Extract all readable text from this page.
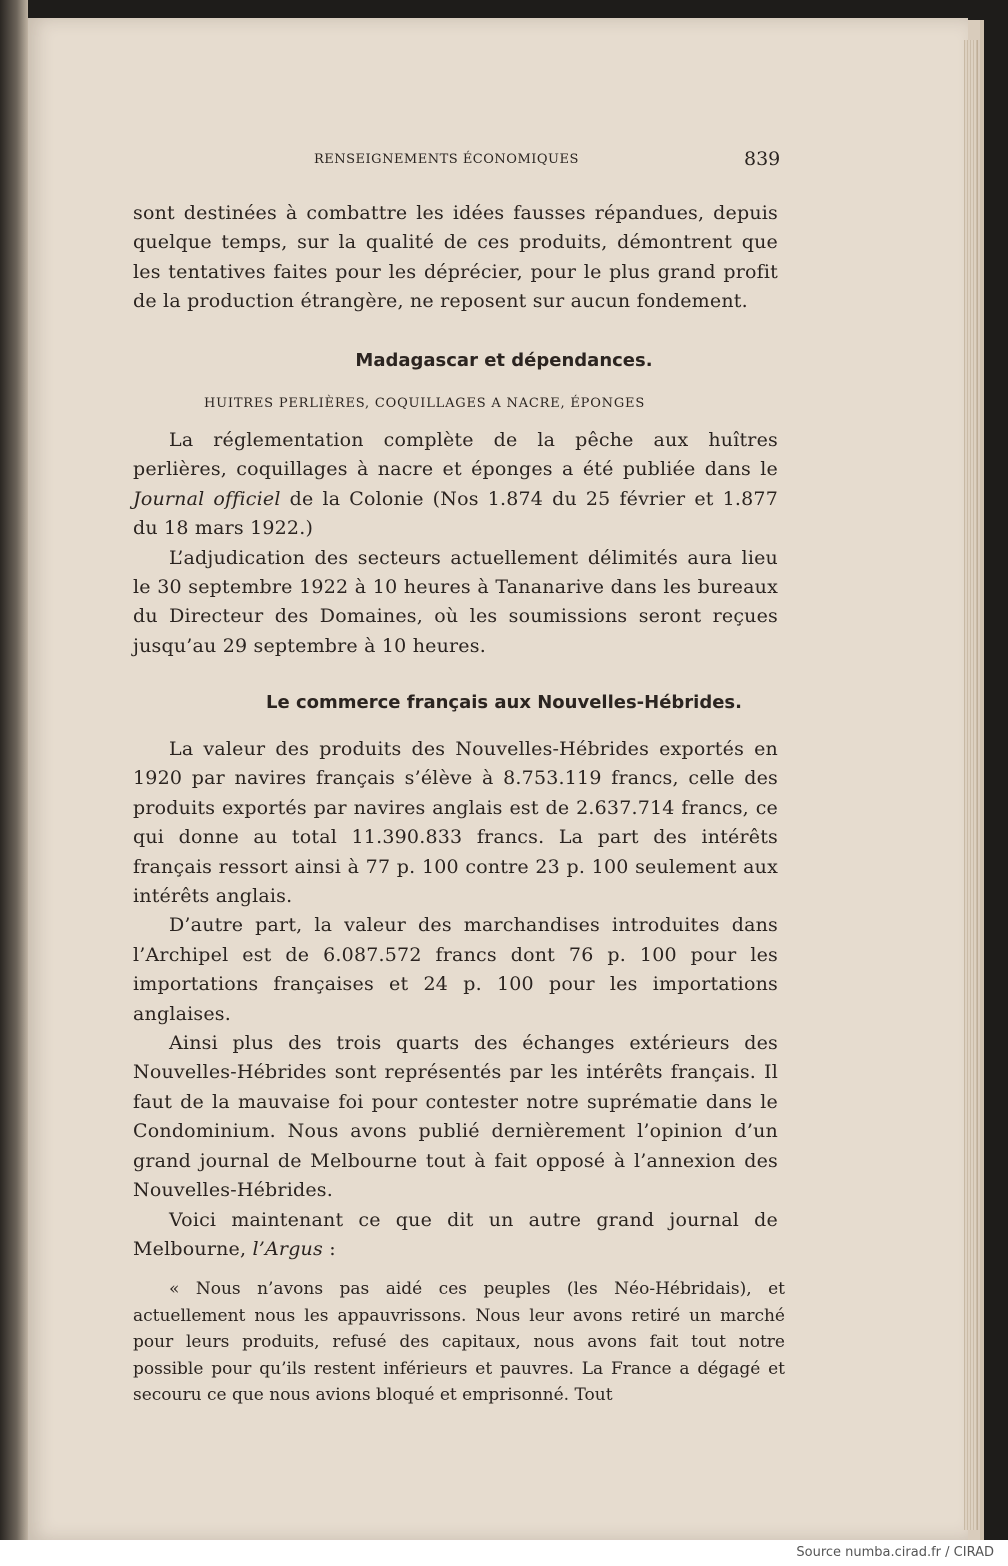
RENSEIGNEMENTS ÉCONOMIQUES	839

sont destinées à combattre les idées fausses répandues, depuis quelque temps, sur la qualité de ces produits, démontrent que les tentatives faites pour les déprécier, pour le plus grand profit de la production étrangère, ne reposent sur aucun fondement.

Madagascar et dépendances.
HUITRES PERLIÈRES, COQUILLAGES A NACRE, ÉPONGES

La réglementation complète de la pêche aux huîtres perlières, coquillages à nacre et éponges a été publiée dans le Journal officiel de la Colonie (Nos 1.874 du 25 février et 1.877 du 18 mars 1922.)

L’adjudication des secteurs actuellement délimités aura lieu le 30 septembre 1922 à 10 heures à Tananarive dans les bureaux du Directeur des Domaines, où les soumissions seront reçues jusqu’au 29 septembre à 10 heures.

Le commerce français aux Nouvelles-Hébrides.

La valeur des produits des Nouvelles-Hébrides exportés en 1920 par navires français s’élève à 8.753.119 francs, celle des produits exportés par navires anglais est de 2.637.714 francs, ce qui donne au total 11.390.833 francs. La part des intérêts français ressort ainsi à 77 p. 100 contre 23 p. 100 seulement aux intérêts anglais.

D’autre part, la valeur des marchandises introduites dans l’Archipel est de 6.087.572 francs dont 76 p. 100 pour les importations françaises et 24 p. 100 pour les importations anglaises.

Ainsi plus des trois quarts des échanges extérieurs des Nouvelles-Hébrides sont représentés par les intérêts français. Il faut de la mauvaise foi pour contester notre suprématie dans le Condominium. Nous avons publié dernièrement l’opinion d’un grand journal de Melbourne tout à fait opposé à l’annexion des Nouvelles-Hébrides.

Voici maintenant ce que dit un autre grand journal de Melbourne, l’Argus :

« Nous n’avons pas aidé ces peuples (les Néo-Hébridais), et actuellement nous les appauvrissons. Nous leur avons retiré un marché pour leurs produits, refusé des capitaux, nous avons fait tout notre possible pour qu’ils restent inférieurs et pauvres. La France a dégagé et secouru ce que nous avions bloqué et emprisonné. Tout

Source numba.cirad.fr / CIRAD
